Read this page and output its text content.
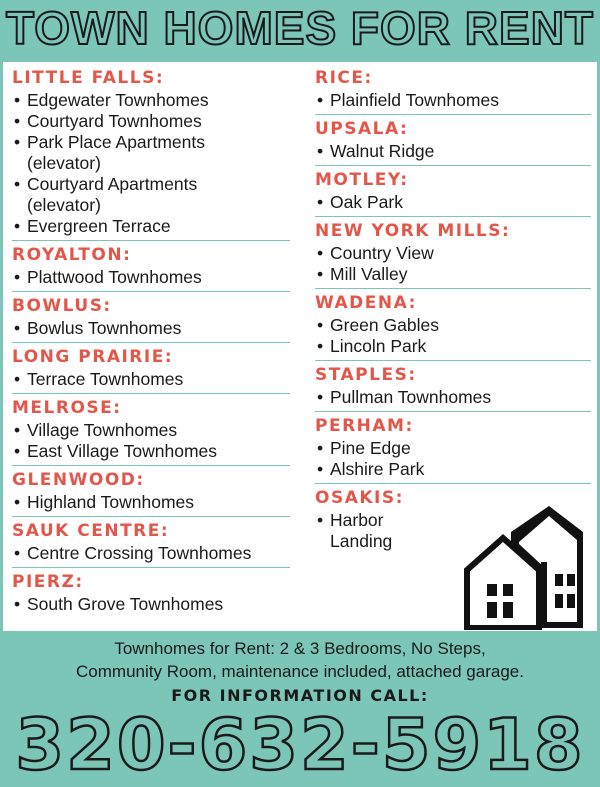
TOWN HOMES FOR RENT
LITTLE FALLS:
• Edgewater Townhomes
• Courtyard Townhomes
• Park Place Apartments
(elevator)
• Courtyard Apartments
(elevator)
• Evergreen Terrace
ROYALTON:
• Plattwood Townhomes
BOWLUS:
• Bowlus Townhomes
LONG PRAIRIE:
• Terrace Townhomes
MELROSE:
• Village Townhomes
• East Village Townhomes
GLENWOOD:
• Highland Townhomes
SAUK CENTRE:
• Centre Crossing Townhomes
PIERZ:
• South Grove Townhomes
RICE:
• Plainfield Townhomes
UPSALA:
• Walnut Ridge
MOTLEY:
• Oak Park
NEW YORK MILLS:
• Country View
• Mill Valley
WADENA:
• Green Gables
• Lincoln Park
STAPLES:
• Pullman Townhomes
PERHAM:
• Pine Edge
• Alshire Park
OSAKIS:
• Harbor
Landing
Townhomes for Rent: 2 & 3 Bedrooms, No Steps,
Community Room, maintenance included, attached garage.
FOR INFORMATION CALL:
320-632-5918
